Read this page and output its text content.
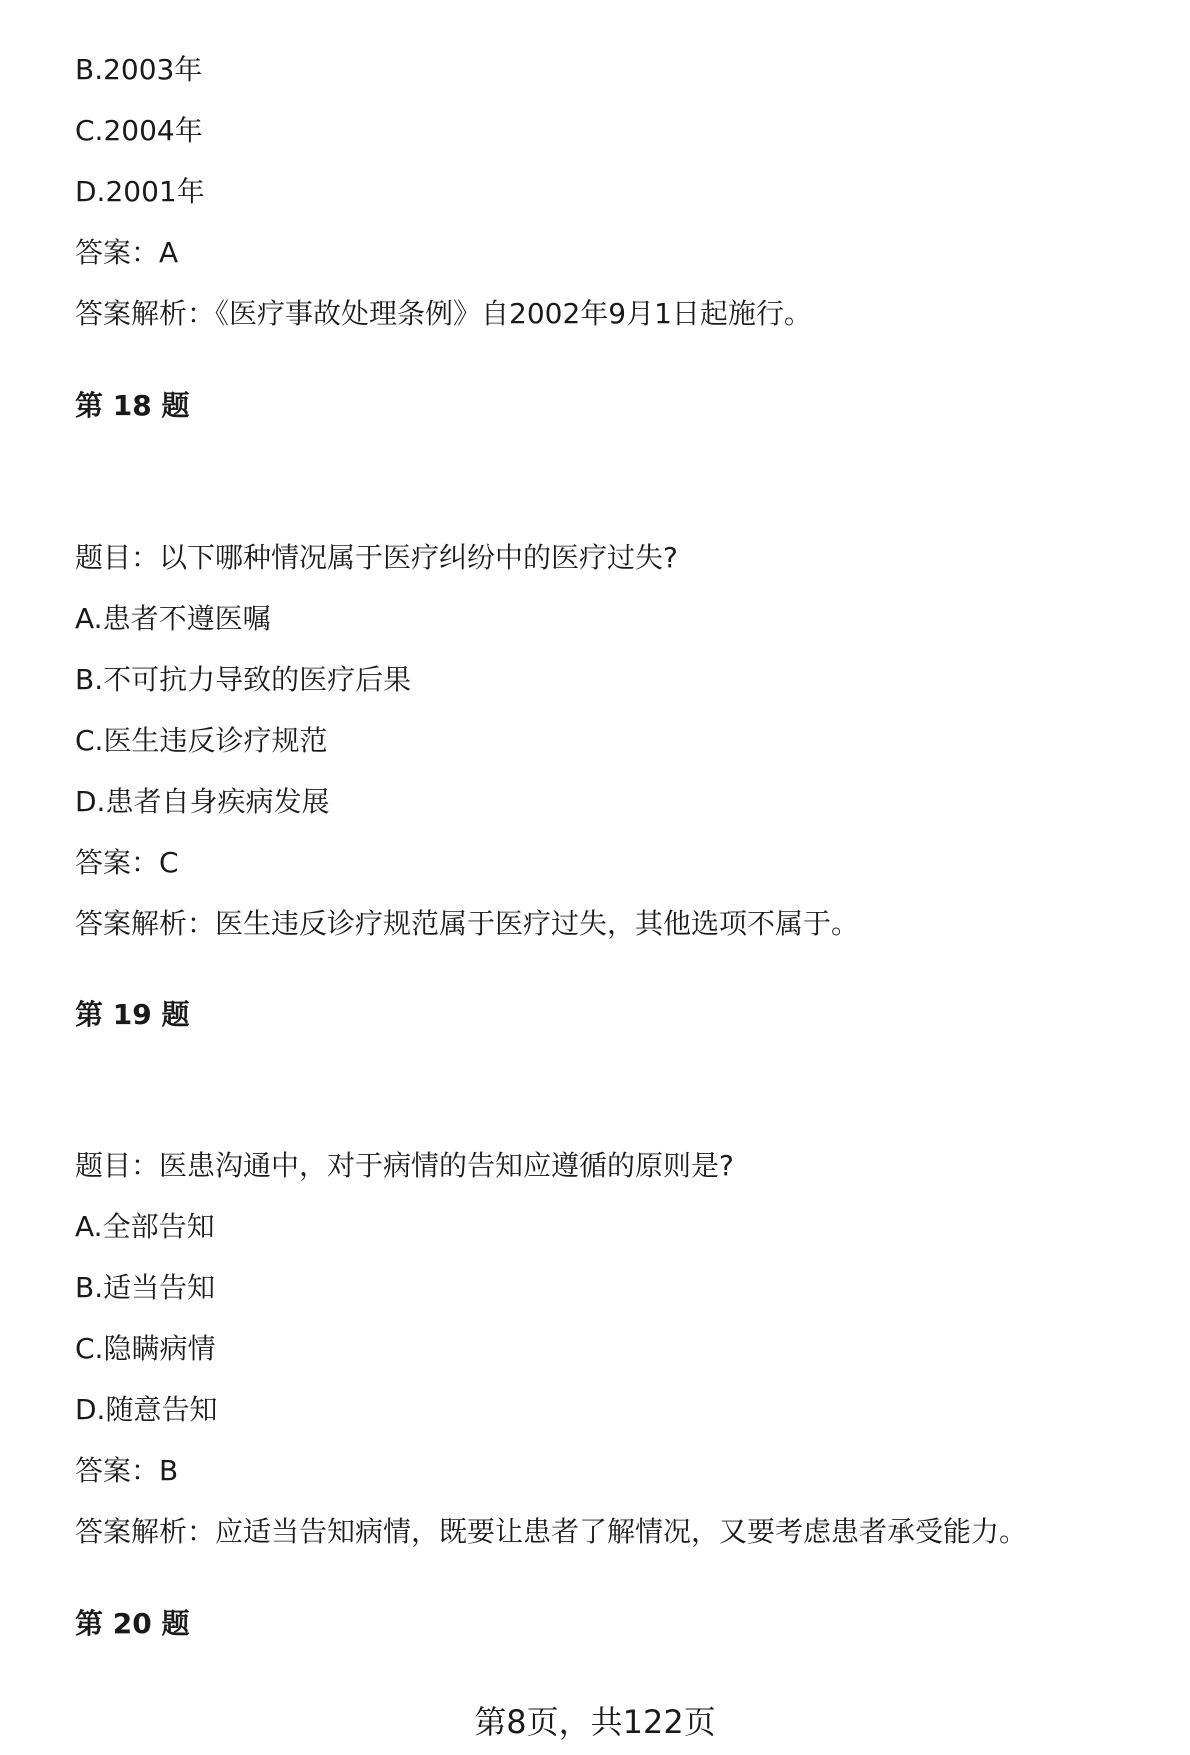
B.2003年
C.2004年
D.2001年
答案：A
答案解析：《医疗事故处理条例》自2002年9月1日起施行。
第 18 题
题目：以下哪种情况属于医疗纠纷中的医疗过失?
A.患者不遵医嘱
B.不可抗力导致的医疗后果
C.医生违反诊疗规范
D.患者自身疾病发展
答案：C
答案解析：医生违反诊疗规范属于医疗过失，其他选项不属于。
第 19 题
题目：医患沟通中，对于病情的告知应遵循的原则是?
A.全部告知
B.适当告知
C.隐瞒病情
D.随意告知
答案：B
答案解析：应适当告知病情，既要让患者了解情况，又要考虑患者承受能力。
第 20 题
第8页，共122页
